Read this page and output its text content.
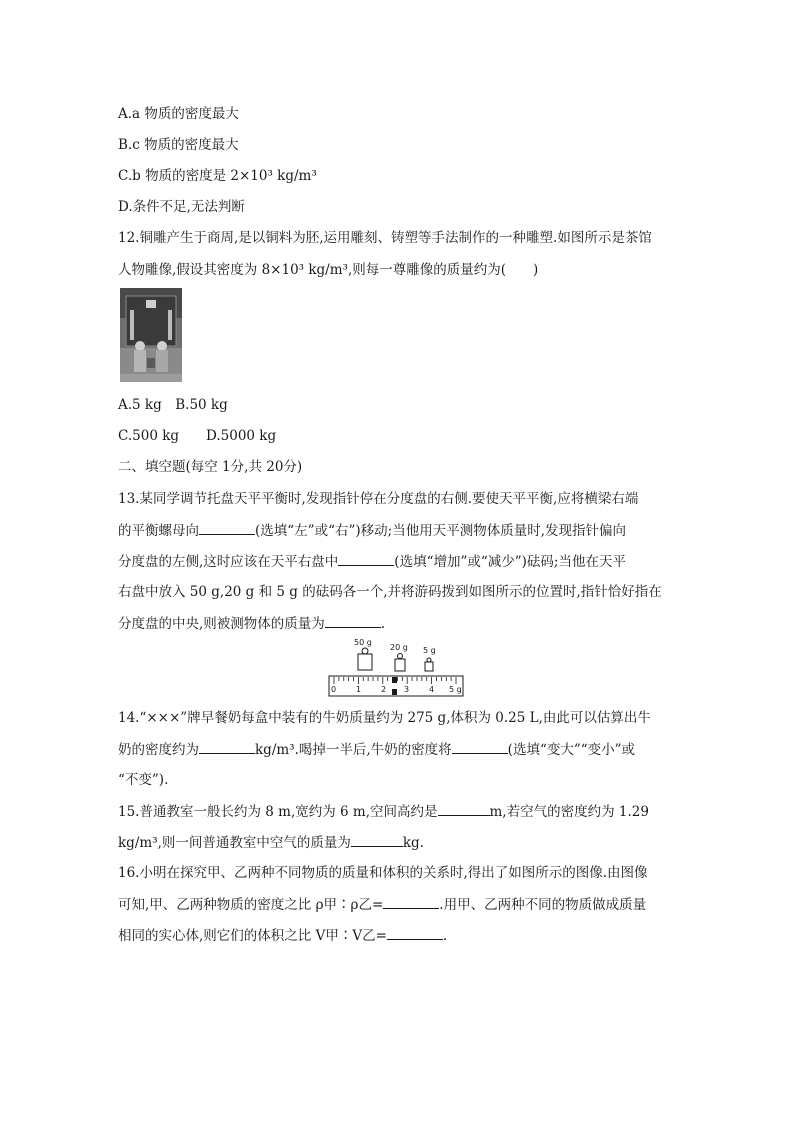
A.a 物质的密度最大
B.c 物质的密度最大
C.b 物质的密度是 2×10³ kg/m³
D.条件不足,无法判断
12.铜雕产生于商周,是以铜料为胚,运用雕刻、铸塑等手法制作的一种雕塑.如图所示是茶馆
人物雕像,假设其密度为 8×10³ kg/m³,则每一尊雕像的质量约为(　　)
A.5 kg　B.50 kg
C.500 kg　　D.5000 kg
二、填空题(每空 1分,共 20分)
13.某同学调节托盘天平平衡时,发现指针停在分度盘的右侧.要使天平平衡,应将横梁右端
的平衡螺母向	(选填“左”或“右”)移动;当他用天平测物体质量时,发现指针偏向
分度盘的左侧,这时应该在天平右盘中	(选填“增加”或“减少”)砝码;当他在天平
右盘中放入 50 g,20 g 和 5 g 的砝码各一个,并将游码拨到如图所示的位置时,指针恰好指在
分度盘的中央,则被测物体的质量为	.
50 g
20 g 5 g
0 1 2 3 4 5 g
14.“×××”牌早餐奶每盒中装有的牛奶质量约为 275 g,体积为 0.25 L,由此可以估算出牛
奶的密度约为	kg/m³.喝掉一半后,牛奶的密度将	(选填“变大”“变小”或
“不变”).
15.普通教室一般长约为 8 m,宽约为 6 m,空间高约是	m,若空气的密度约为 1.29
kg/m³,则一间普通教室中空气的质量为	kg.
16.小明在探究甲、乙两种不同物质的质量和体积的关系时,得出了如图所示的图像.由图像
可知,甲、乙两种物质的密度之比 ρ甲∶ρ乙=	.用甲、乙两种不同的物质做成质量
相同的实心体,则它们的体积之比 V甲∶V乙=	.
